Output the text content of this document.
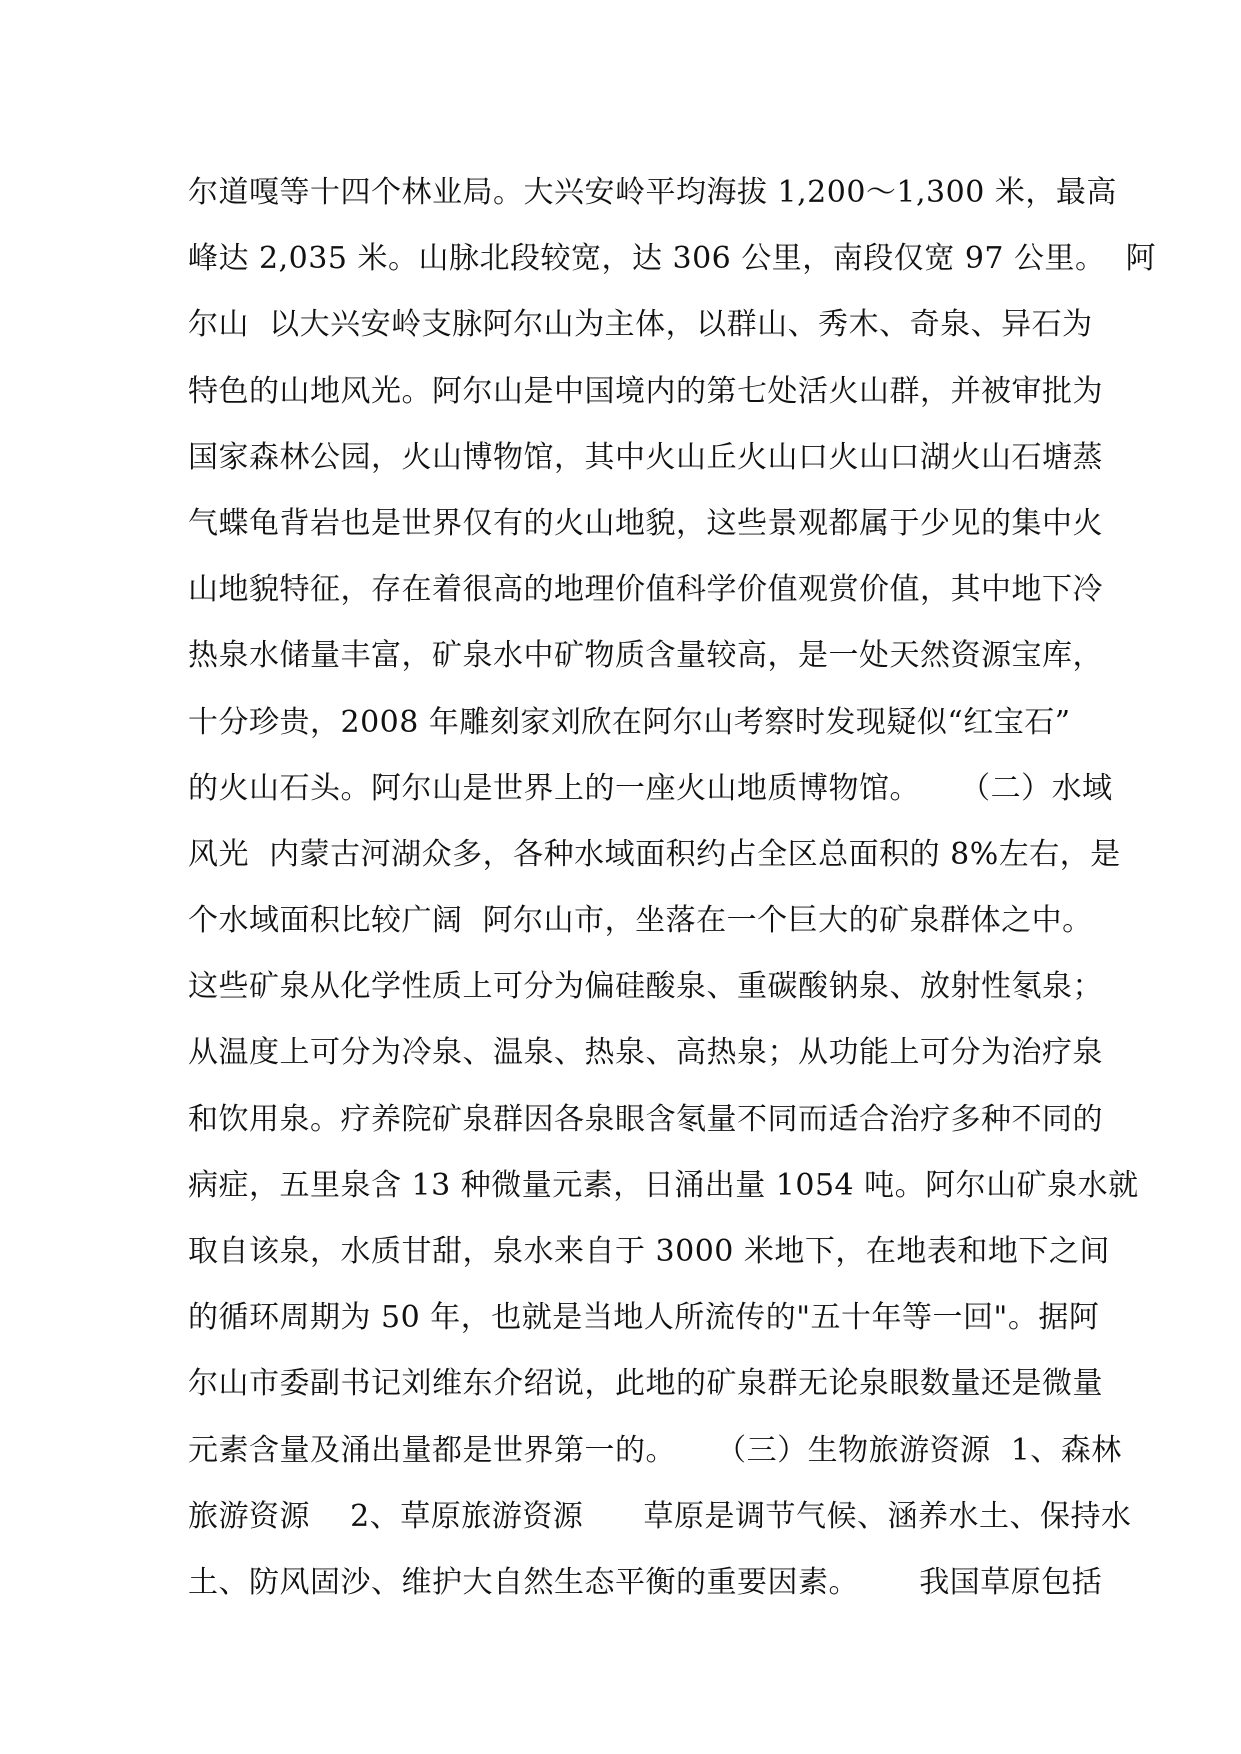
尔道嘎等十四个林业局。大兴安岭平均海拔 1,200～1,300 米，最高
峰达 2,035 米。山脉北段较宽，达 306 公里，南段仅宽 97 公里。  阿
尔山  以大兴安岭支脉阿尔山为主体，以群山、秀木、奇泉、异石为
特色的山地风光。阿尔山是中国境内的第七处活火山群，并被审批为
国家森林公园，火山博物馆，其中火山丘火山口火山口湖火山石塘蒸
气蝶龟背岩也是世界仅有的火山地貌，这些景观都属于少见的集中火
山地貌特征，存在着很高的地理价值科学价值观赏价值，其中地下冷
热泉水储量丰富，矿泉水中矿物质含量较高，是一处天然资源宝库，
十分珍贵，2008 年雕刻家刘欣在阿尔山考察时发现疑似“红宝石”
的火山石头。阿尔山是世界上的一座火山地质博物馆。    （二）水域
风光  内蒙古河湖众多，各种水域面积约占全区总面积的 8%左右，是
个水域面积比较广阔  阿尔山市，坐落在一个巨大的矿泉群体之中。
这些矿泉从化学性质上可分为偏硅酸泉、重碳酸钠泉、放射性氡泉；
从温度上可分为冷泉、温泉、热泉、高热泉；从功能上可分为治疗泉
和饮用泉。疗养院矿泉群因各泉眼含氡量不同而适合治疗多种不同的
病症，五里泉含 13 种微量元素，日涌出量 1054 吨。阿尔山矿泉水就
取自该泉，水质甘甜，泉水来自于 3000 米地下，在地表和地下之间
的循环周期为 50 年，也就是当地人所流传的"五十年等一回"。据阿
尔山市委副书记刘维东介绍说，此地的矿泉群无论泉眼数量还是微量
元素含量及涌出量都是世界第一的。    （三）生物旅游资源  1、森林
旅游资源    2、草原旅游资源      草原是调节气候、涵养水土、保持水
土、防风固沙、维护大自然生态平衡的重要因素。      我国草原包括
